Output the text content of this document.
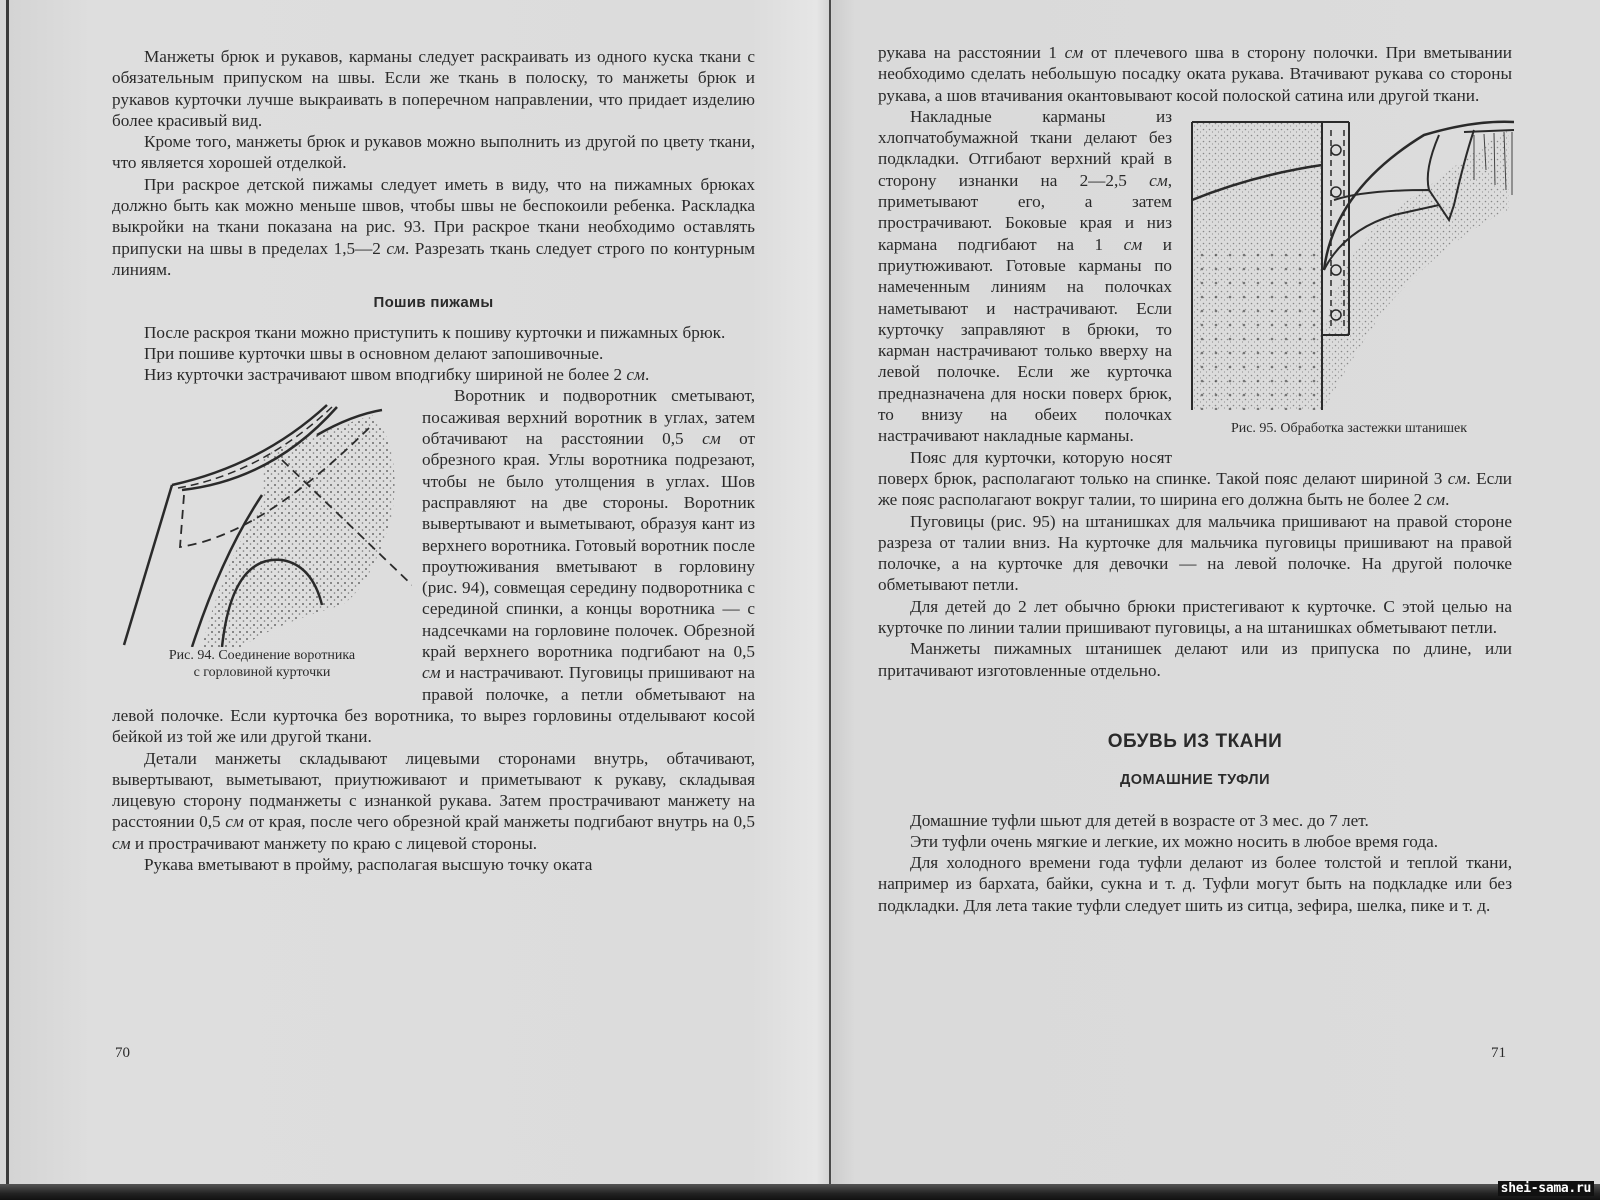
Манжеты брюк и рукавов, карманы следует раскраивать из одного куска ткани с обязательным припуском на швы. Если же ткань в полоску, то манжеты брюк и рукавов курточки лучше выкраивать в поперечном направлении, что придает изделию более красивый вид.

Кроме того, манжеты брюк и рукавов можно выполнить из другой по цвету ткани, что является хорошей отделкой.

При раскрое детской пижамы следует иметь в виду, что на пижамных брюках должно быть как можно меньше швов, чтобы швы не беспокоили ребенка. Раскладка выкройки на ткани показана на рис. 93. При раскрое ткани необходимо оставлять припуски на швы в пределах 1,5—2 см. Разрезать ткань следует строго по контурным линиям.

Пошив пижамы

После раскроя ткани можно приступить к пошиву курточки и пижамных брюк.

При пошиве курточки швы в основном делают запошивочные.

Низ курточки застрачивают швом вподгибку шириной не более 2 см.

Рис. 94. Соединение воротника
с горловиной курточки

Воротник и подворотник сметывают, посаживая верхний воротник в углах, затем обтачивают на расстоянии 0,5 см от обрезного края. Углы воротника подрезают, чтобы не было утолщения в углах. Шов расправляют на две стороны. Воротник вывертывают и выметывают, образуя кант из верхнего воротника. Готовый воротник после проутюживания вметывают в горловину (рис. 94), совмещая середину подворотника с серединой спинки, а концы воротника — с надсечками на горловине полочек. Обрезной край верхнего воротника подгибают на 0,5 см и настрачивают. Пуговицы пришивают на правой полочке, а петли обметывают на левой полочке. Если курточка без воротника, то вырез горловины отделывают косой бейкой из той же или другой ткани.

Детали манжеты складывают лицевыми сторонами внутрь, обтачивают, вывертывают, выметывают, приутюживают и приметывают к рукаву, складывая лицевую сторону подманжеты с изнанкой рукава. Затем прострачивают манжету на расстоянии 0,5 см от края, после чего обрезной край манжеты подгибают внутрь на 0,5 см и прострачивают манжету по краю с лицевой стороны.

Рукава вметывают в пройму, располагая высшую точку оката

70

рукава на расстоянии 1 см от плечевого шва в сторону полочки. При вметывании необходимо сделать небольшую посадку оката рукава. Втачивают рукава со стороны рукава, а шов втачивания окантовывают косой полоской сатина или другой ткани.

Рис. 95. Обработка застежки штанишек

Накладные карманы из хлопчатобумажной ткани делают без подкладки. Отгибают верхний край в сторону изнанки на 2—2,5 см, приметывают его, а затем прострачивают. Боковые края и низ кармана подгибают на 1 см и приутюживают. Готовые карманы по намеченным линиям на полочках наметывают и настрачивают. Если курточку заправляют в брюки, то карман настрачивают только вверху на левой полочке. Если же курточка предназначена для носки поверх брюк, то внизу на обеих полочках настрачивают накладные карманы.

Пояс для курточки, которую носят поверх брюк, располагают только на спинке. Такой пояс делают шириной 3 см. Если же пояс располагают вокруг талии, то ширина его должна быть не более 2 см.

Пуговицы (рис. 95) на штанишках для мальчика пришивают на правой стороне разреза от талии вниз. На курточке для мальчика пуговицы пришивают на правой полочке, а на курточке для девочки — на левой полочке. На другой полочке обметывают петли.

Для детей до 2 лет обычно брюки пристегивают к курточке. С этой целью на курточке по линии талии пришивают пуговицы, а на штанишках обметывают петли.

Манжеты пижамных штанишек делают или из припуска по длине, или притачивают изготовленные отдельно.

ОБУВЬ ИЗ ТКАНИ
ДОМАШНИЕ ТУФЛИ

Домашние туфли шьют для детей в возрасте от 3 мес. до 7 лет.

Эти туфли очень мягкие и легкие, их можно носить в любое время года.

Для холодного времени года туфли делают из более толстой и теплой ткани, например из бархата, байки, сукна и т. д. Туфли могут быть на подкладке или без подкладки. Для лета такие туфли следует шить из ситца, зефира, шелка, пике и т. д.

71
shei-sama.ru
